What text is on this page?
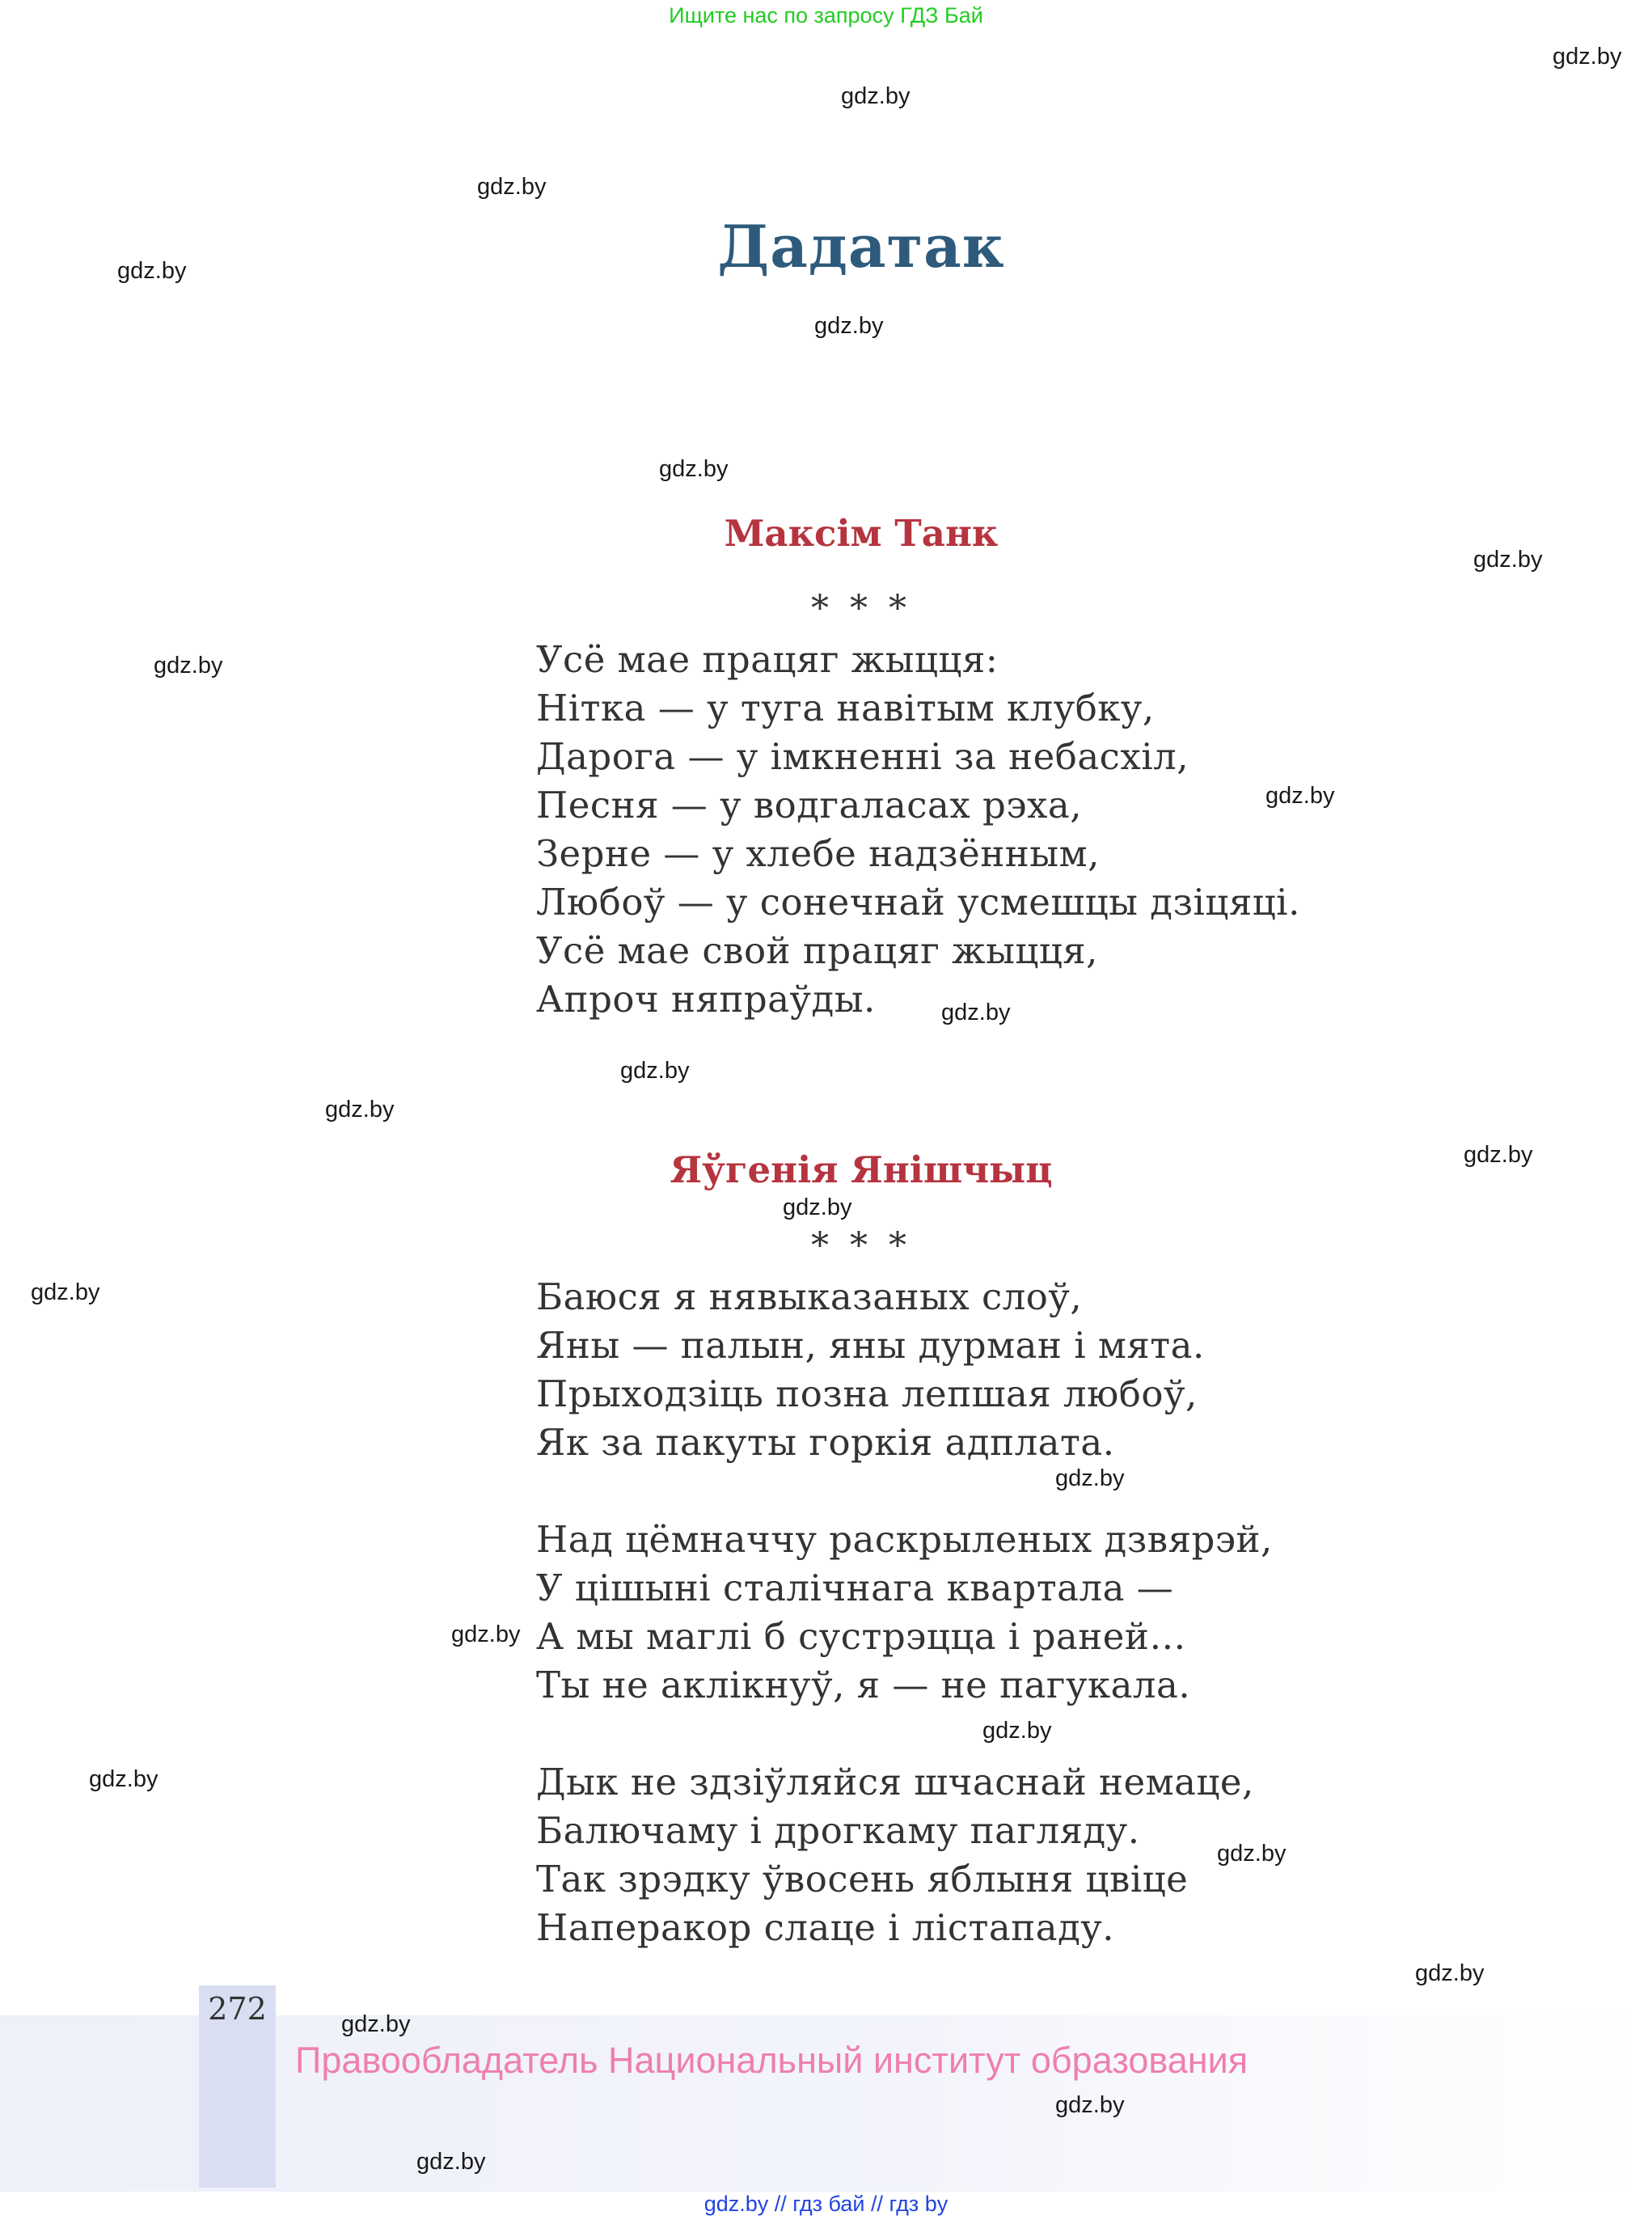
Ищите нас по запросу ГДЗ Бай
gdz.by
gdz.by
gdz.by
gdz.by
gdz.by
gdz.by
gdz.by
gdz.by
gdz.by
gdz.by
gdz.by
gdz.by
gdz.by
gdz.by
gdz.by
gdz.by
gdz.by
gdz.by
gdz.by
gdz.by
gdz.by
Дадатак
Максім Танк
* * *
Усё мае працяг жыцця:
Нітка — у туга навітым клубку,
Дарога — у імкненні за небасхіл,
Песня — у водгаласах рэха,
Зерне — у хлебе надзённым,
Любоў — у сонечнай усмешцы дзіцяці.
Усё мае свой працяг жыцця,
Апроч няпраўды.
Яўгенія Янішчыц
* * *
Баюся я нявыказаных слоў,
Яны — палын, яны дурман і мята.
Прыходзіць позна лепшая любоў,
Як за пакуты горкія адплата.
Над цёмначчу раскрыленых дзвярэй,
У цішыні сталічнага квартала —
А мы маглі б сустрэцца і раней…
Ты не аклікнуў, я — не пагукала.
Дык не здзіўляйся шчаснай немаце,
Балючаму і дрогкаму пагляду.
Так зрэдку ўвосень яблыня цвіце
Наперакор слаце і лістападу.
272
Правообладатель Национальный институт образования
gdz.by
gdz.by
gdz.by
gdz.by // гдз бай // гдз by
